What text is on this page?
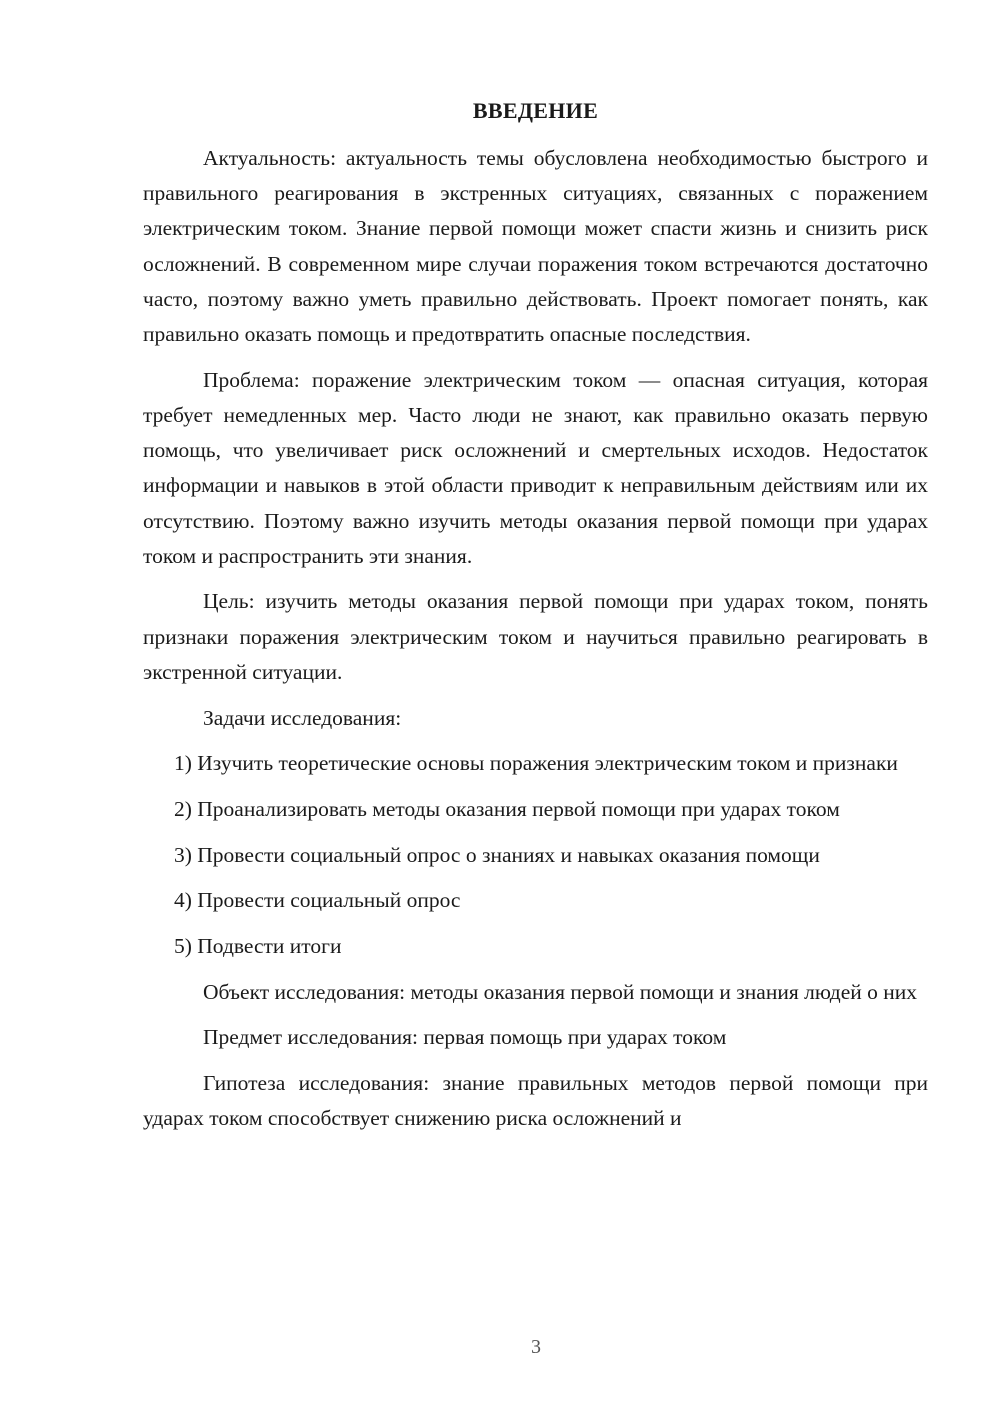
ВВЕДЕНИЕ

Актуальность: актуальность темы обусловлена необходимостью быстрого и правильного реагирования в экстренных ситуациях, связанных с поражением электрическим током. Знание первой помощи может спасти жизнь и снизить риск осложнений. В современном мире случаи поражения током встречаются достаточно часто, поэтому важно уметь правильно действовать. Проект помогает понять, как правильно оказать помощь и предотвратить опасные последствия.

Проблема: поражение электрическим током — опасная ситуация, которая требует немедленных мер. Часто люди не знают, как правильно оказать первую помощь, что увеличивает риск осложнений и смертельных исходов. Недостаток информации и навыков в этой области приводит к неправильным действиям или их отсутствию. Поэтому важно изучить методы оказания первой помощи при ударах током и распространить эти знания.

Цель: изучить методы оказания первой помощи при ударах током, понять признаки поражения электрическим током и научиться правильно реагировать в экстренной ситуации.

Задачи исследования:

1) Изучить теоретические основы поражения электрическим током и признаки

2) Проанализировать методы оказания первой помощи при ударах током

3) Провести социальный опрос о знаниях и навыках оказания помощи

4) Провести социальный опрос

5) Подвести итоги

Объект исследования: методы оказания первой помощи и знания людей о них

Предмет исследования: первая помощь при ударах током

Гипотеза исследования: знание правильных методов первой помощи при ударах током способствует снижению риска осложнений и

3
